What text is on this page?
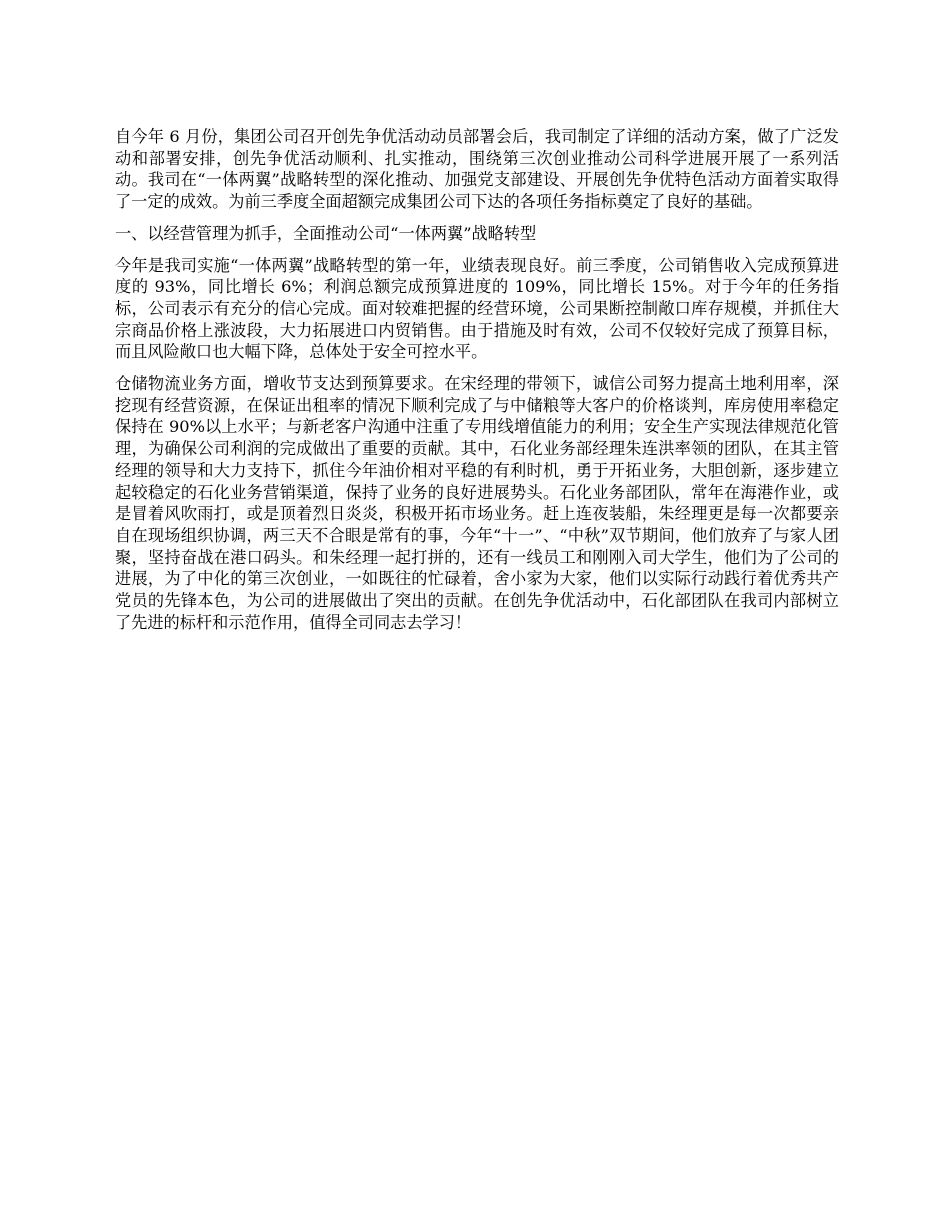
自今年 6 月份，集团公司召开创先争优活动动员部署会后，我司制定了详细的活动方案，做了广泛发动和部署安排，创先争优活动顺利、扎实推动，围绕第三次创业推动公司科学进展开展了一系列活动。我司在“一体两翼”战略转型的深化推动、加强党支部建设、开展创先争优特色活动方面着实取得了一定的成效。为前三季度全面超额完成集团公司下达的各项任务指标奠定了良好的基础。

一、以经营管理为抓手，全面推动公司“一体两翼”战略转型

今年是我司实施“一体两翼”战略转型的第一年，业绩表现良好。前三季度，公司销售收入完成预算进度的 93%，同比增长 6%；利润总额完成预算进度的 109%，同比增长 15%。对于今年的任务指标，公司表示有充分的信心完成。面对较难把握的经营环境，公司果断控制敞口库存规模，并抓住大宗商品价格上涨波段，大力拓展进口内贸销售。由于措施及时有效，公司不仅较好完成了预算目标，而且风险敞口也大幅下降，总体处于安全可控水平。

仓储物流业务方面，增收节支达到预算要求。在宋经理的带领下，诚信公司努力提高土地利用率，深挖现有经营资源，在保证出租率的情况下顺利完成了与中储粮等大客户的价格谈判，库房使用率稳定保持在 90%以上水平；与新老客户沟通中注重了专用线增值能力的利用；安全生产实现法律规范化管理，为确保公司利润的完成做出了重要的贡献。其中，石化业务部经理朱连洪率领的团队，在其主管经理的领导和大力支持下，抓住今年油价相对平稳的有利时机，勇于开拓业务，大胆创新，逐步建立起较稳定的石化业务营销渠道，保持了业务的良好进展势头。石化业务部团队，常年在海港作业，或是冒着风吹雨打，或是顶着烈日炎炎，积极开拓市场业务。赶上连夜装船，朱经理更是每一次都要亲自在现场组织协调，两三天不合眼是常有的事，今年“十一”、“中秋”双节期间，他们放弃了与家人团聚，坚持奋战在港口码头。和朱经理一起打拼的，还有一线员工和刚刚入司大学生，他们为了公司的进展，为了中化的第三次创业，一如既往的忙碌着，舍小家为大家，他们以实际行动践行着优秀共产党员的先锋本色，为公司的进展做出了突出的贡献。在创先争优活动中，石化部团队在我司内部树立了先进的标杆和示范作用，值得全司同志去学习！
